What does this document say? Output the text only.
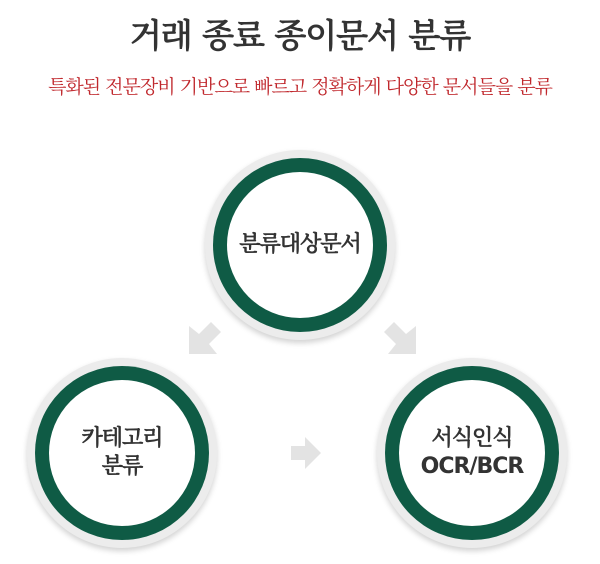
거래 종료 종이문서 분류

특화된 전문장비 기반으로 빠르고 정확하게 다양한 문서들을 분류

분류대상문서
카테고리
분류
서식인식
OCR/BCR
